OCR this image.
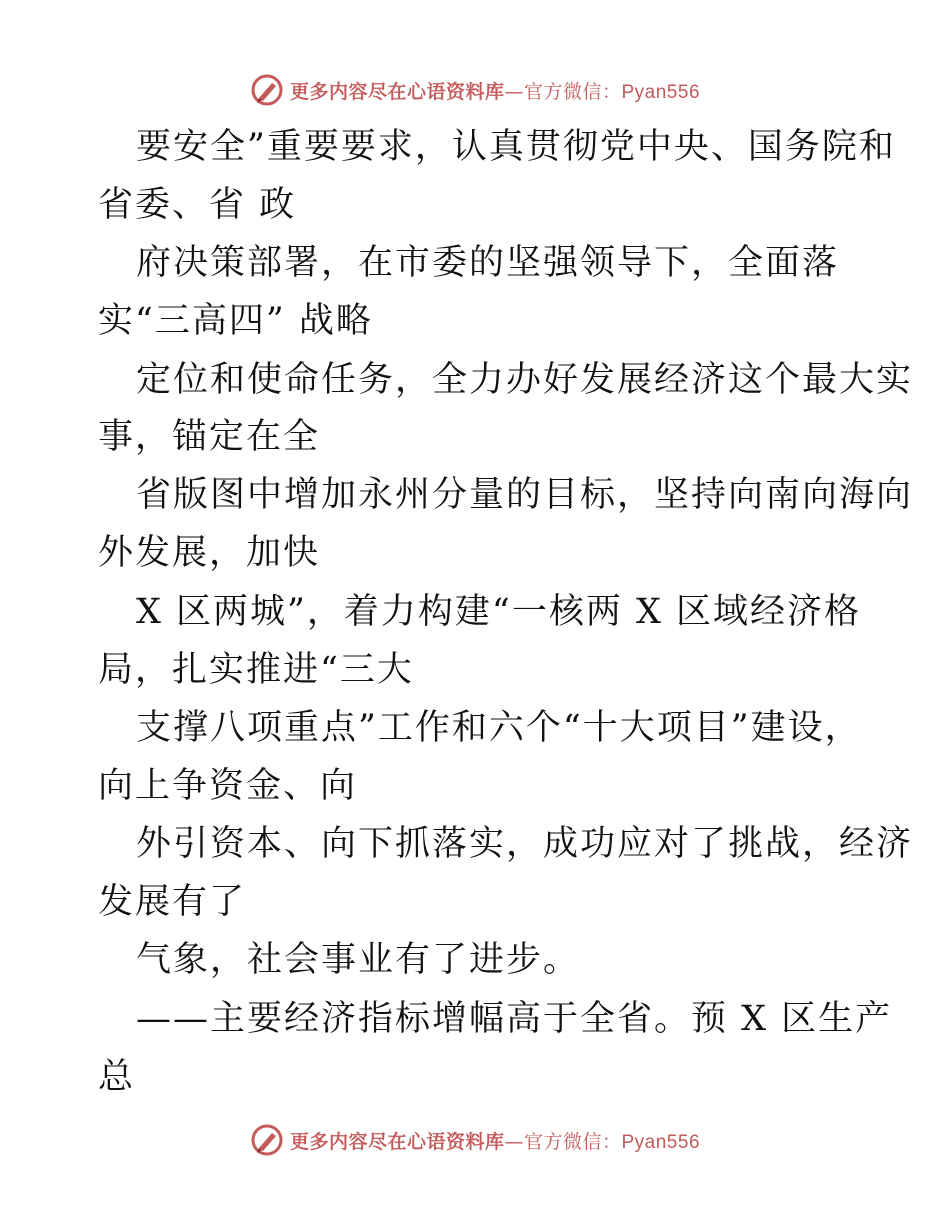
更多内容尽在心语资料库—官方微信：Pyan556
要安全”重要要求，认真贯彻党中央、国务院和
省委、省 政
府决策部署，在市委的坚强领导下，全面落
实“三高四” 战略
定位和使命任务，全力办好发展经济这个最大实
事，锚定在全
省版图中增加永州分量的目标，坚持向南向海向
外发展，加快
X 区两城”，着力构建“一核两 X 区域经济格
局，扎实推进“三大
支撑八项重点”工作和六个“十大项目”建设，
向上争资金、向
外引资本、向下抓落实，成功应对了挑战，经济
发展有了
气象，社会事业有了进步。
——主要经济指标增幅高于全省。预 X 区生产
总
更多内容尽在心语资料库—官方微信：Pyan556
